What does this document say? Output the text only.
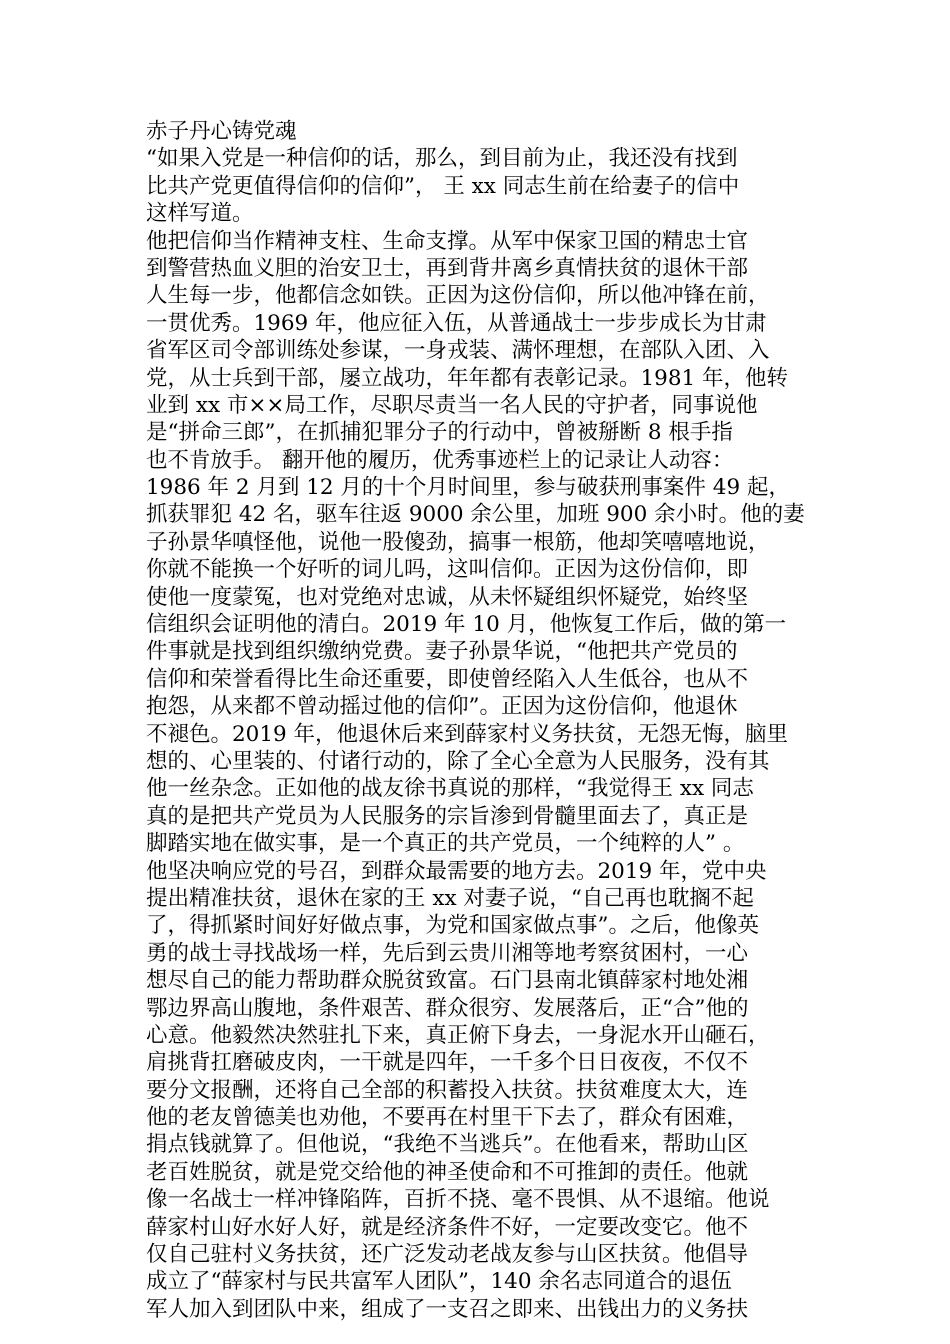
赤子丹心铸党魂
“如果入党是一种信仰的话，那么，到目前为止，我还没有找到
比共产党更值得信仰的信仰”， 王 xx 同志生前在给妻子的信中
这样写道。
他把信仰当作精神支柱、生命支撑。从军中保家卫国的精忠士官
到警营热血义胆的治安卫士，再到背井离乡真情扶贫的退休干部
人生每一步，他都信念如铁。正因为这份信仰，所以他冲锋在前，
一贯优秀。1969 年，他应征入伍，从普通战士一步步成长为甘肃
省军区司令部训练处参谋，一身戎装、满怀理想，在部队入团、入
党，从士兵到干部，屡立战功，年年都有表彰记录。1981 年，他转
业到 xx 市××局工作，尽职尽责当一名人民的守护者，同事说他
是“拼命三郎”，在抓捕犯罪分子的行动中，曾被掰断 8 根手指
也不肯放手。 翻开他的履历，优秀事迹栏上的记录让人动容：
1986 年 2 月到 12 月的十个月时间里，参与破获刑事案件 49 起，
抓获罪犯 42 名，驱车往返 9000 余公里，加班 900 余小时。他的妻
子孙景华嗔怪他，说他一股傻劲，搞事一根筋，他却笑嘻嘻地说，
你就不能换一个好听的词儿吗，这叫信仰。正因为这份信仰，即
使他一度蒙冤，也对党绝对忠诚，从未怀疑组织怀疑党，始终坚
信组织会证明他的清白。2019 年 10 月，他恢复工作后，做的第一
件事就是找到组织缴纳党费。妻子孙景华说，“他把共产党员的
信仰和荣誉看得比生命还重要，即使曾经陷入人生低谷，也从不
抱怨，从来都不曾动摇过他的信仰”。正因为这份信仰，他退休
不褪色。2019 年，他退休后来到薛家村义务扶贫，无怨无悔，脑里
想的、心里装的、付诸行动的，除了全心全意为人民服务，没有其
他一丝杂念。正如他的战友徐书真说的那样，“我觉得王 xx 同志
真的是把共产党员为人民服务的宗旨渗到骨髓里面去了，真正是
脚踏实地在做实事，是一个真正的共产党员，一个纯粹的人” 。
他坚决响应党的号召，到群众最需要的地方去。2019 年，党中央
提出精准扶贫，退休在家的王 xx 对妻子说，“自己再也耽搁不起
了，得抓紧时间好好做点事，为党和国家做点事”。之后，他像英
勇的战士寻找战场一样，先后到云贵川湘等地考察贫困村，一心
想尽自己的能力帮助群众脱贫致富。石门县南北镇薛家村地处湘
鄂边界高山腹地，条件艰苦、群众很穷、发展落后，正“合”他的
心意。他毅然决然驻扎下来，真正俯下身去，一身泥水开山砸石，
肩挑背扛磨破皮肉，一干就是四年，一千多个日日夜夜，不仅不
要分文报酬，还将自己全部的积蓄投入扶贫。扶贫难度太大，连
他的老友曾德美也劝他，不要再在村里干下去了，群众有困难，
捐点钱就算了。但他说，“我绝不当逃兵”。在他看来，帮助山区
老百姓脱贫，就是党交给他的神圣使命和不可推卸的责任。他就
像一名战士一样冲锋陷阵，百折不挠、毫不畏惧、从不退缩。他说
薛家村山好水好人好，就是经济条件不好，一定要改变它。他不
仅自己驻村义务扶贫，还广泛发动老战友参与山区扶贫。他倡导
成立了“薛家村与民共富军人团队”，140 余名志同道合的退伍
军人加入到团队中来，组成了一支召之即来、出钱出力的义务扶
